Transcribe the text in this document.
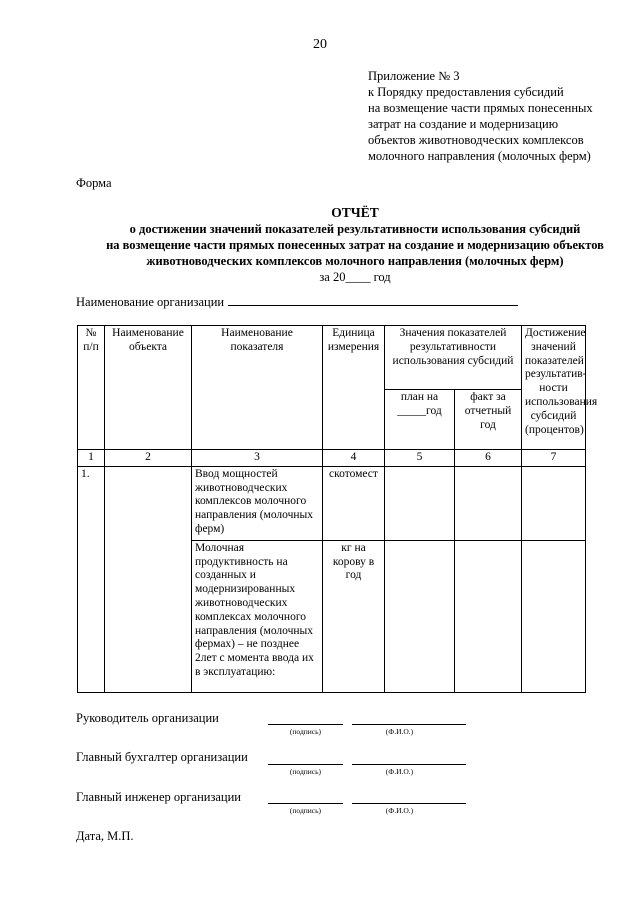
20
Приложение № 3
к Порядку предоставления субсидий
на возмещение части прямых понесенных
затрат на создание и модернизацию
объектов животноводческих комплексов
молочного направления (молочных ферм)
Форма
ОТЧЁТ
о достижении значений показателей результативности использования субсидий
на возмещение части прямых понесенных затрат на создание и модернизацию объектов
животноводческих комплексов молочного направления (молочных ферм)
за 20____ год
Наименование организации
№ п/п	Наименование объекта	Наименование показателя	Единица измерения	Значения показателей результативности использования субсидий		Достижение значений показателей результатив-ности использования субсидий (процентов)
				план на _____год	факт за отчетный год	
1	2	3	4	5	6	7
1.		Ввод мощностей животноводческих комплексов молочного направления (молочных ферм)	скотомест			
		Молочная продуктивность на созданных и модернизированных животноводческих комплексах молочного направления (молочных фермах) – не позднее 2лет с момента ввода их в эксплуатацию:	кг на корову в год			
Руководитель организации
(подпись)	(Ф.И.О.)
Главный бухгалтер организации
(подпись)	(Ф.И.О.)
Главный инженер организации
(подпись)	(Ф.И.О.)
Дата, М.П.
